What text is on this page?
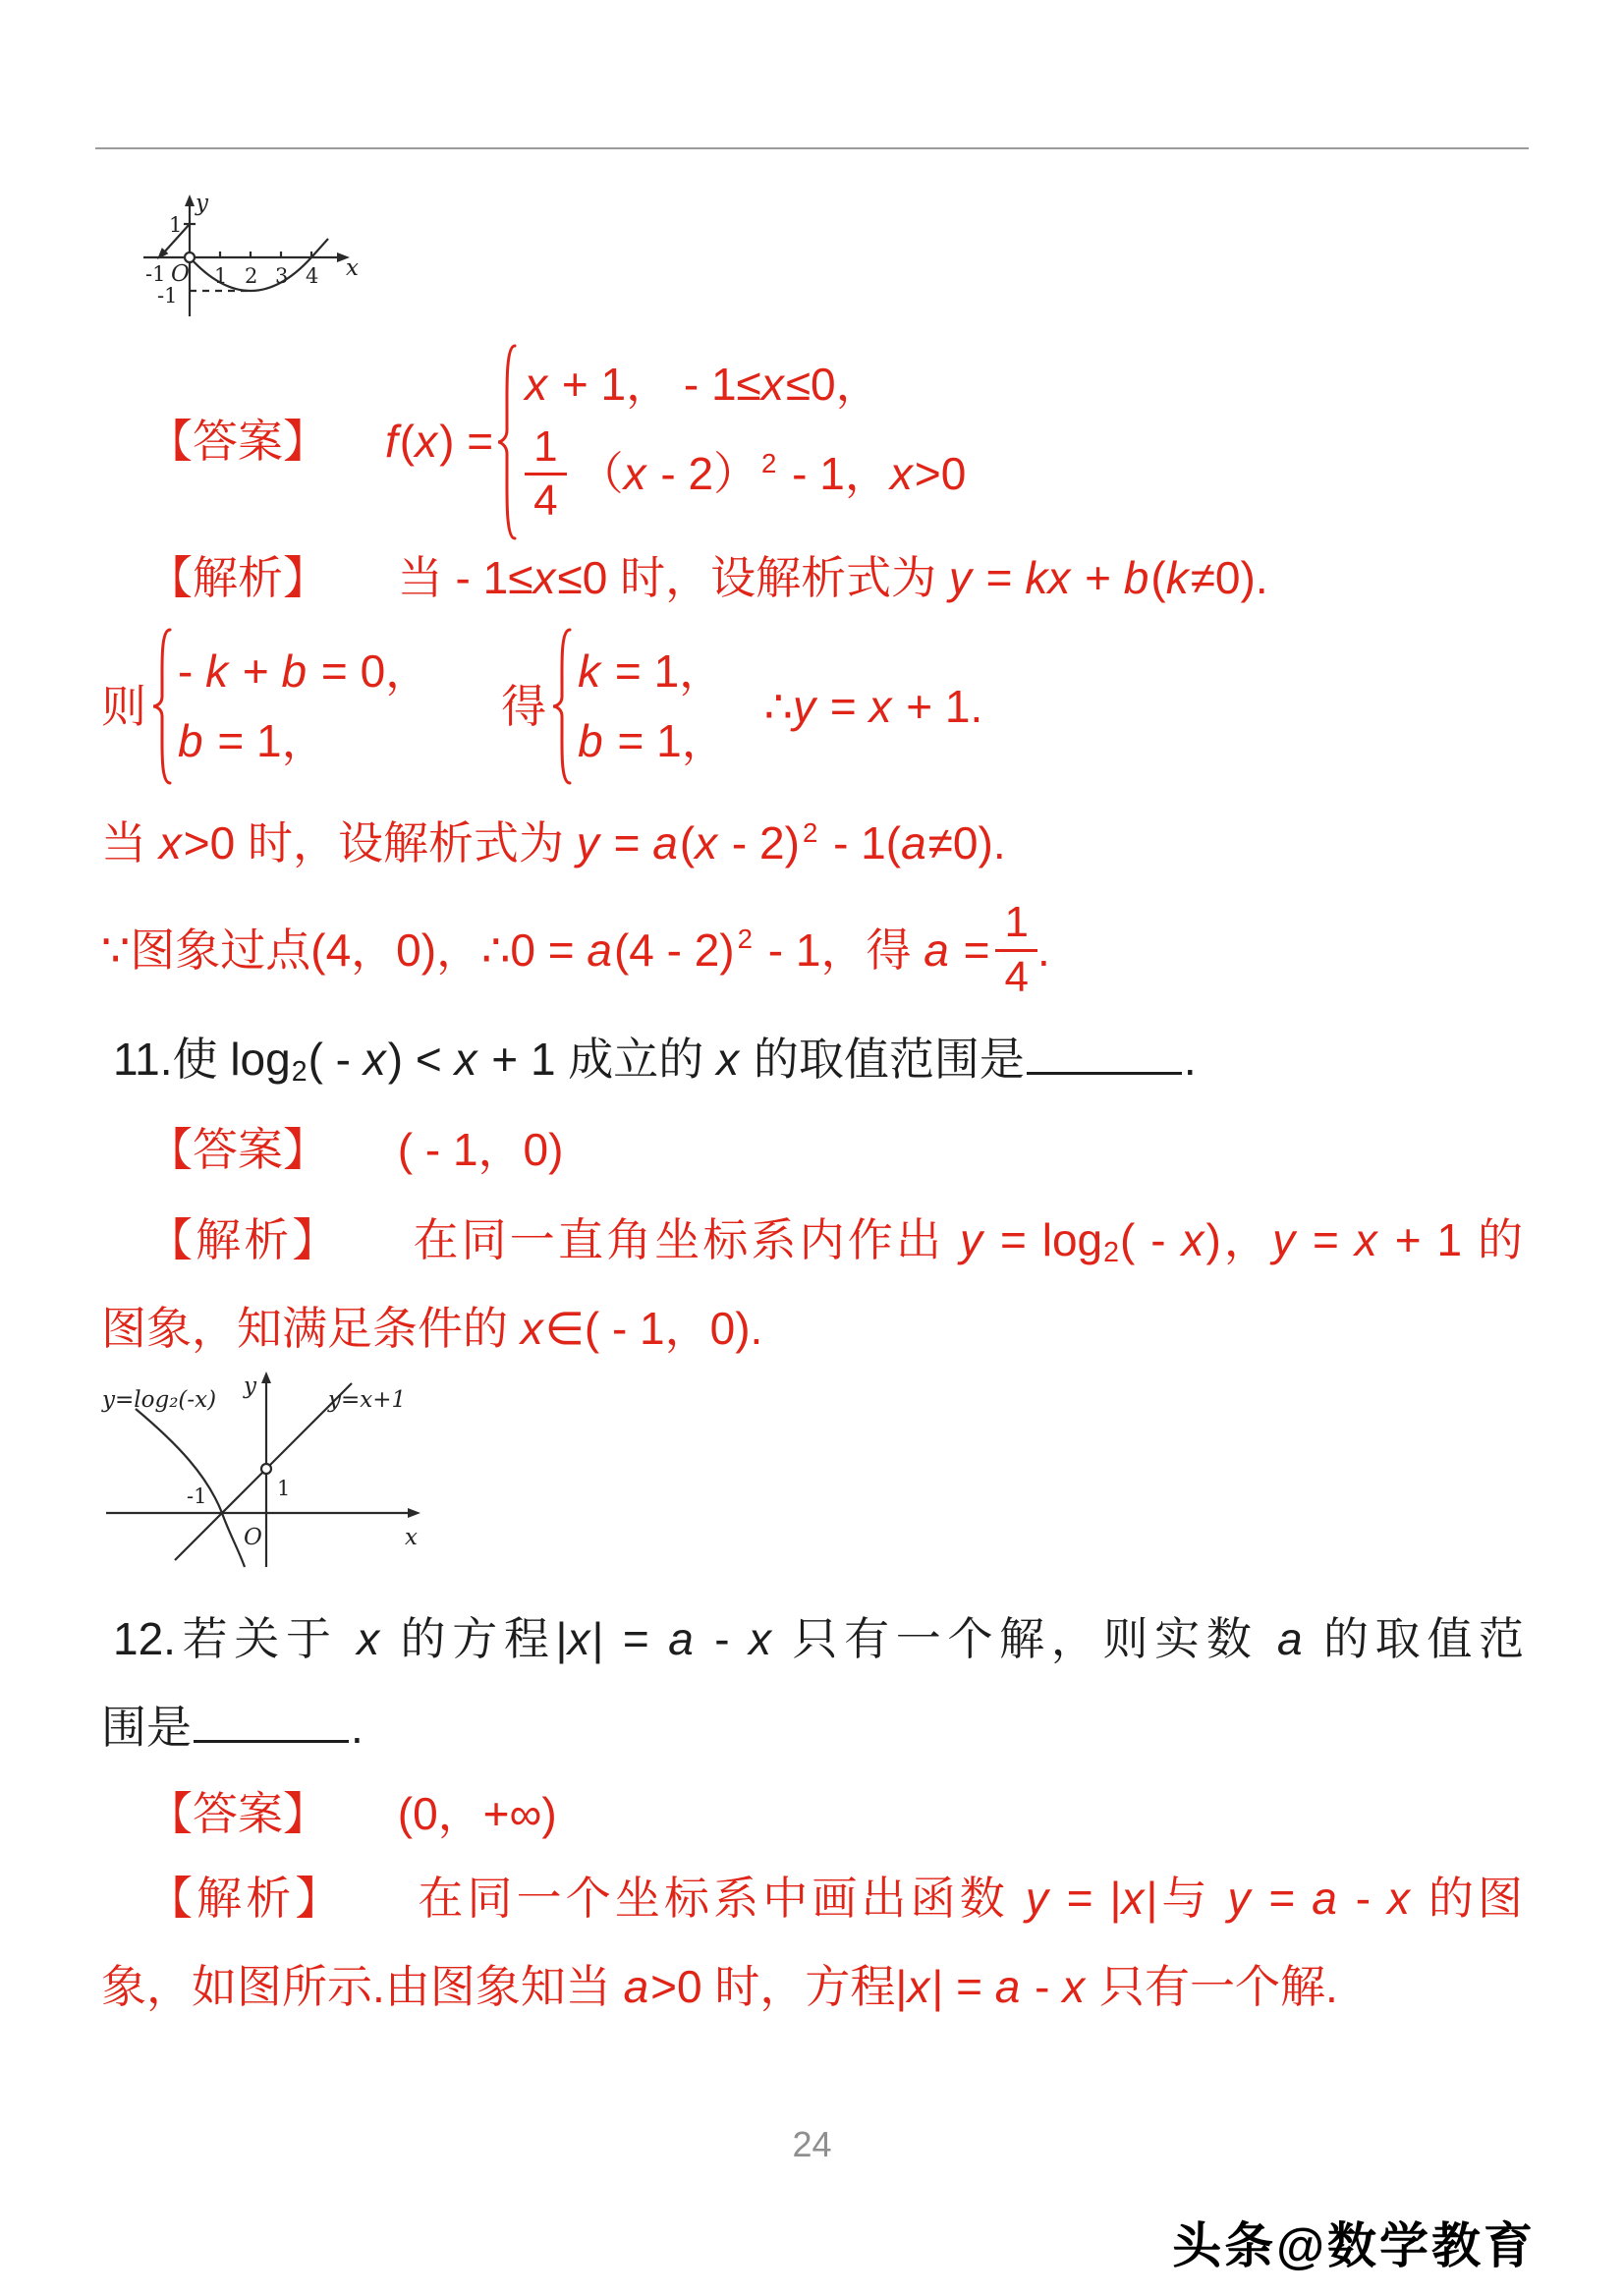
y
x
O
-1 1 2 3 4
1
-1
【答案】 f(x) =
x + 1， - 1≤x≤0，
$\frac{1}{4} (x - 2)$ $^2$ - 1，x>0
【解析】 当 - 1≤x≤0 时，设解析式为 y = kx + b(k≠0).
则
- k + b = 0，
b = 1，
得
k = 1，
b = 1，
∴y = x + 1.
当 x>0 时，设解析式为 y = a(x - 2) $^2$ - 1(a≠0).
∵图象过点(4，0)，∴0 = a(4 - 2) $^2$ - 1，得 $a = \frac{1}{4}$ .
11.使 log2( - x) < x + 1 成立的 x 的取值范围是	.
【答案】 ( - 1，0)
【解析】 在同一直角坐标系内作出 y = log2( - x)，y = x + 1 的
图象，知满足条件的 x∈( - 1，0).
y=log₂(-x)	y=x+1
y
x
O
-1	1
12.若关于 x 的方程|x| = a - x 只有一个解，则实数 a 的取值范
围是	.
【答案】 (0，+∞)
【解析】 在同一个坐标系中画出函数 y = |x|与 y = a - x 的图
象，如图所示.由图象知当 a>0 时，方程|x| = a - x 只有一个解.
24
头条@数学教育
